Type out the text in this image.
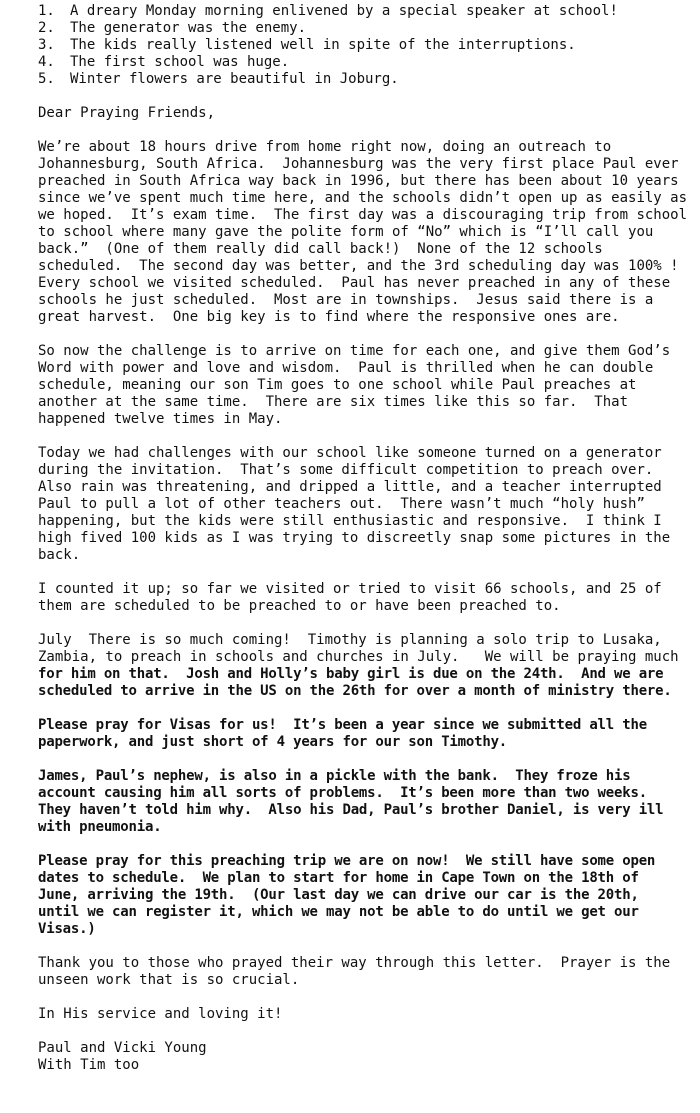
1. A dreary Monday morning enlivened by a special speaker at school!
2. The generator was the enemy.
3. The kids really listened well in spite of the interruptions.
4. The first school was huge.
5. Winter flowers are beautiful in Joburg.
Dear Praying Friends,
We’re about 18 hours drive from home right now, doing an outreach to
Johannesburg, South Africa.  Johannesburg was the very first place Paul ever
preached in South Africa way back in 1996, but there has been about 10 years
since we’ve spent much time here, and the schools didn’t open up as easily as
we hoped.  It’s exam time.  The first day was a discouraging trip from school
to school where many gave the polite form of “No” which is “I’ll call you
back.”  (One of them really did call back!)  None of the 12 schools
scheduled.  The second day was better, and the 3rd scheduling day was 100% !
Every school we visited scheduled.  Paul has never preached in any of these
schools he just scheduled.  Most are in townships.  Jesus said there is a
great harvest.  One big key is to find where the responsive ones are.
So now the challenge is to arrive on time for each one, and give them God’s
Word with power and love and wisdom.  Paul is thrilled when he can double
schedule, meaning our son Tim goes to one school while Paul preaches at
another at the same time.  There are six times like this so far.  That
happened twelve times in May.
Today we had challenges with our school like someone turned on a generator
during the invitation.  That’s some difficult competition to preach over.
Also rain was threatening, and dripped a little, and a teacher interrupted
Paul to pull a lot of other teachers out.  There wasn’t much “holy hush”
happening, but the kids were still enthusiastic and responsive.  I think I
high fived 100 kids as I was trying to discreetly snap some pictures in the
back.
I counted it up; so far we visited or tried to visit 66 schools, and 25 of
them are scheduled to be preached to or have been preached to.
July  There is so much coming!  Timothy is planning a solo trip to Lusaka,
Zambia, to preach in schools and churches in July.   We will be praying much
for him on that.  Josh and Holly’s baby girl is due on the 24th.  And we are
scheduled to arrive in the US on the 26th for over a month of ministry there.
Please pray for Visas for us!  It’s been a year since we submitted all the
paperwork, and just short of 4 years for our son Timothy.
James, Paul’s nephew, is also in a pickle with the bank.  They froze his
account causing him all sorts of problems.  It’s been more than two weeks.
They haven’t told him why.  Also his Dad, Paul’s brother Daniel, is very ill
with pneumonia.
Please pray for this preaching trip we are on now!  We still have some open
dates to schedule.  We plan to start for home in Cape Town on the 18th of
June, arriving the 19th.  (Our last day we can drive our car is the 20th,
until we can register it, which we may not be able to do until we get our
Visas.)
Thank you to those who prayed their way through this letter.  Prayer is the
unseen work that is so crucial.
In His service and loving it!
Paul and Vicki Young
With Tim too
